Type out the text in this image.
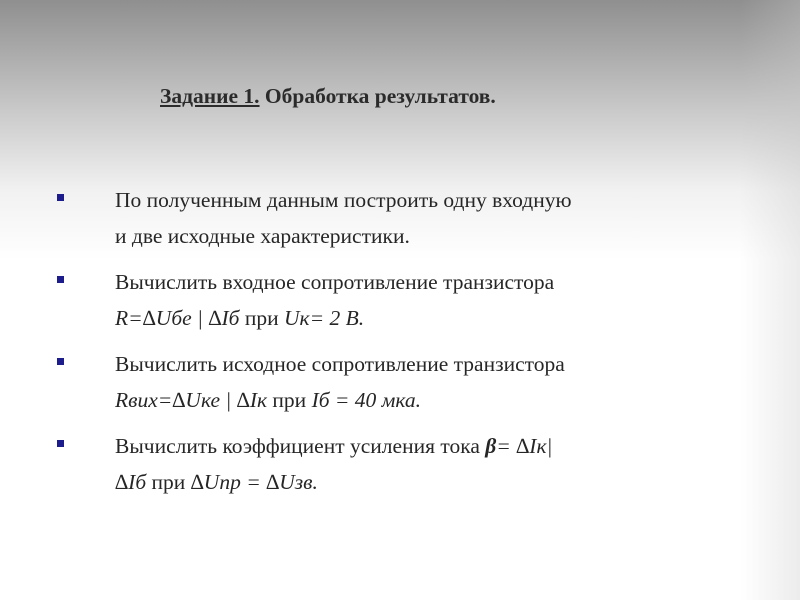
Задание 1. Обработка результатов.
По полученным данным построить одну входную
и две исходные характеристики.
Вычислить входное сопротивление транзистора
R=∆Uбе | ∆Iб при Uк= 2 В.
Вычислить исходное сопротивление транзистора
Rвих=∆Uке | ∆Iк при Iб = 40 мка.
Вычислить коэффициент усиления тока β= ∆Iк|
∆Iб при ∆Uпр = ∆Uзв.
